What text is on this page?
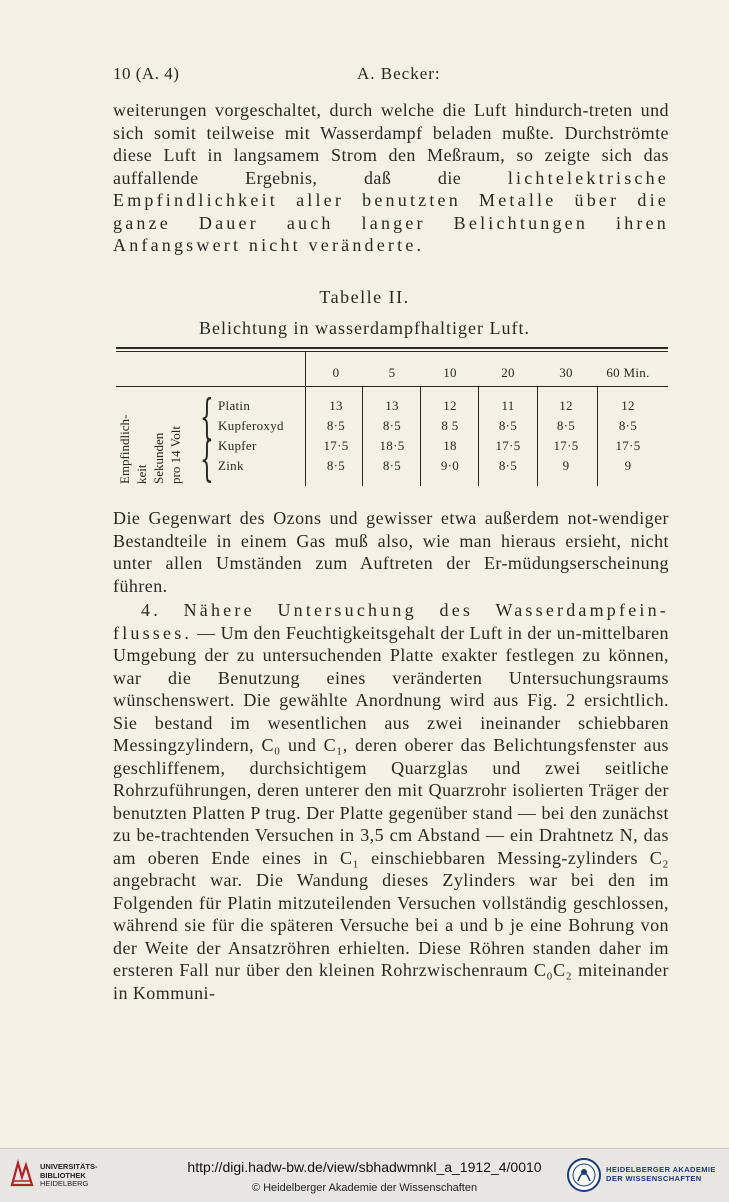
10 (A. 4)	A. Becker:

weiterungen vorgeschaltet, durch welche die Luft hindurch-treten und sich somit teilweise mit Wasserdampf beladen mußte. Durchströmte diese Luft in langsamem Strom den Meßraum, so zeigte sich das auffallende Ergebnis, daß die lichtelektrische Empfindlichkeit aller benutzten Metalle über die ganze Dauer auch langer Belichtungen ihren Anfangswert nicht veränderte.

Tabelle II.
Belichtung in wasserdampfhaltiger Luft.
0	5	10	20	30	60 Min.
Empfindlich- keit Sekunden pro 14 Volt
{
{
Platin	13	13	12	11	12	12
Kupferoxyd	8·5	8·5	8 5	8·5	8·5	8·5
Kupfer	17·5	18·5	18	17·5	17·5	17·5
Zink	8·5	8·5	9·0	8·5	9	9

Die Gegenwart des Ozons und gewisser etwa außerdem not-wendiger Bestandteile in einem Gas muß also, wie man hieraus ersieht, nicht unter allen Umständen zum Auftreten der Er-müdungserscheinung führen.

4. Nähere Untersuchung des Wasserdampfein-flusses. — Um den Feuchtigkeitsgehalt der Luft in der un-mittelbaren Umgebung der zu untersuchenden Platte exakter festlegen zu können, war die Benutzung eines veränderten Untersuchungsraums wünschenswert. Die gewählte Anordnung wird aus Fig. 2 ersichtlich. Sie bestand im wesentlichen aus zwei ineinander schiebbaren Messingzylindern, C₀ und C₁, deren oberer das Belichtungsfenster aus geschliffenem, durchsichtigem Quarzglas und zwei seitliche Rohrzuführungen, deren unterer den mit Quarzrohr isolierten Träger der benutzten Platten P trug. Der Platte gegenüber stand — bei den zunächst zu be-trachtenden Versuchen in 3,5 cm Abstand — ein Drahtnetz N, das am oberen Ende eines in C₁ einschiebbaren Messing-zylinders C₂ angebracht war. Die Wandung dieses Zylinders war bei den im Folgenden für Platin mitzuteilenden Versuchen vollständig geschlossen, während sie für die späteren Versuche bei a und b je eine Bohrung von der Weite der Ansatzröhren erhielten. Diese Röhren standen daher im ersteren Fall nur über den kleinen Rohrzwischenraum C₀C₂ miteinander in Kommuni-

UNIVERSITÄTS-
BIBLIOTHEK
HEIDELBERG
http://digi.hadw-bw.de/view/sbhadwmnkl_a_1912_4/0010
© Heidelberger Akademie der Wissenschaften
HEIDELBERGER AKADEMIE
DER WISSENSCHAFTEN
